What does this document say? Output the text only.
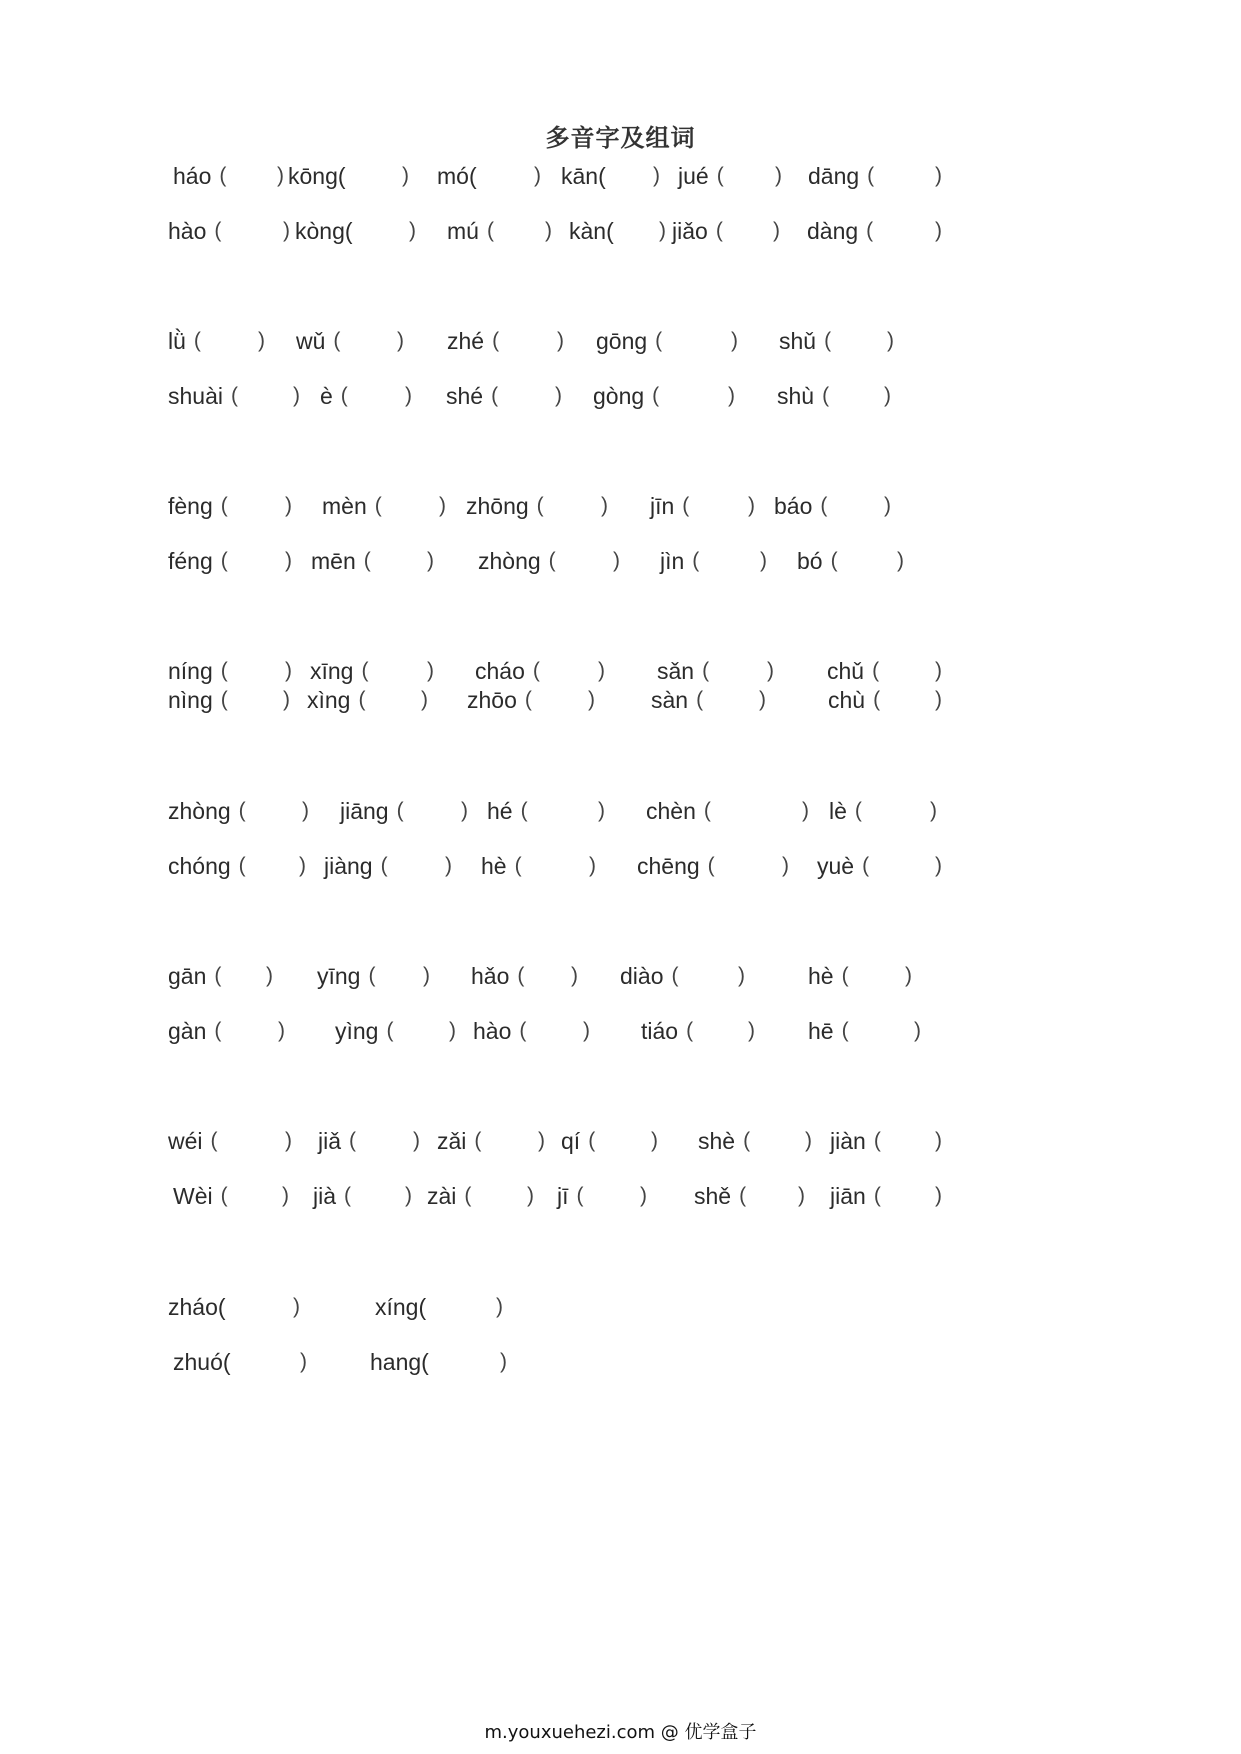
多音字及组词
háo ( ) kōng(	) mó(	) kān( ) jué ( ) dāng (	)
hào (	) kòng(	) mú ( ) kàn( ) jiǎo ( ) dàng (	)
lǜ (	) wǔ (	) zhé (	) gōng (	) shǔ (	)
shuài (	) è (	) shé (	) gòng (	) shù (	)
fèng (	) mèn (	) zhōng (	) jīn (	) báo (	)
féng (	) mēn (	) zhòng (	) jìn (	) bó (	)
níng (	) xīng (	) cháo (	) sǎn (	) chǔ (	)
nìng (	) xìng (	) zhōo (	) sàn (	)	chù (	)
zhòng (	) jiāng (	) hé (	) chèn (	) lè (	)
chóng (	) jiàng (	) hè (	) chēng (	) yuè (	)
gān ( ) yīng ( ) hǎo ( ) diào (	)	hè (	)
gàn (	) yìng (	) hào (	) tiáo (	) hē (	)
wéi (	) jiǎ (	) zǎi (	) qí (	) shè (	) jiàn (	)
Wèi (	) jià (	) zài (	) jī (	) shě ( ) jiān (	)
zháo(	)	xíng(	)
zhuó(	)	hang(	)
m.youxuehezi.com @ 优学盒子
